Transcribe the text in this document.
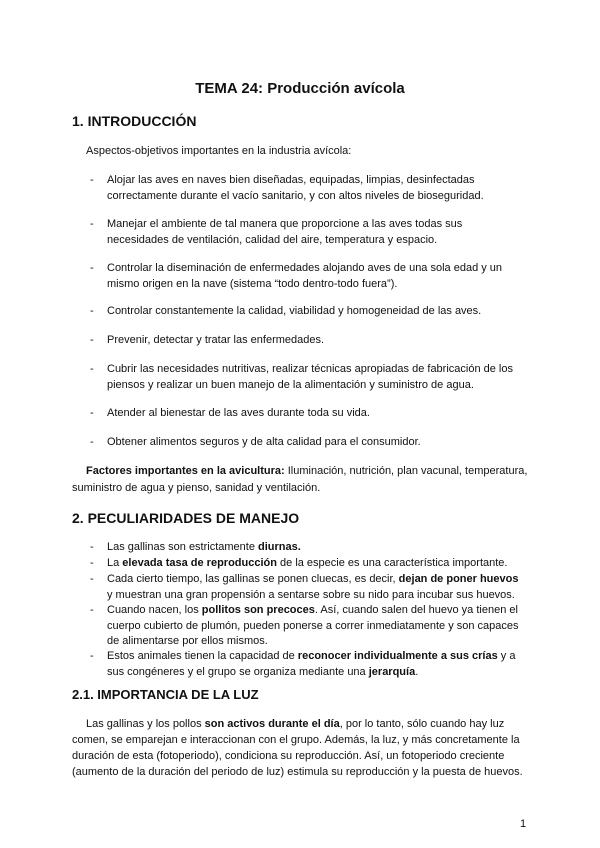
TEMA 24: Producción avícola
1. INTRODUCCIÓN
Aspectos-objetivos importantes en la industria avícola:
- Alojar las aves en naves bien diseñadas, equipadas, limpias, desinfectadas correctamente durante el vacío sanitario, y con altos niveles de bioseguridad.
- Manejar el ambiente de tal manera que proporcione a las aves todas sus necesidades de ventilación, calidad del aire, temperatura y espacio.
- Controlar la diseminación de enfermedades alojando aves de una sola edad y un mismo origen en la nave (sistema “todo dentro-todo fuera”).
- Controlar constantemente la calidad, viabilidad y homogeneidad de las aves.
- Prevenir, detectar y tratar las enfermedades.
- Cubrir las necesidades nutritivas, realizar técnicas apropiadas de fabricación de los piensos y realizar un buen manejo de la alimentación y suministro de agua.
- Atender al bienestar de las aves durante toda su vida.
- Obtener alimentos seguros y de alta calidad para el consumidor.
Factores importantes en la avicultura: Iluminación, nutrición, plan vacunal, temperatura, suministro de agua y pienso, sanidad y ventilación.
2. PECULIARIDADES DE MANEJO
- Las gallinas son estrictamente diurnas.
- La elevada tasa de reproducción de la especie es una característica importante.
- Cada cierto tiempo, las gallinas se ponen cluecas, es decir, dejan de poner huevos y muestran una gran propensión a sentarse sobre su nido para incubar sus huevos.
- Cuando nacen, los pollitos son precoces. Así, cuando salen del huevo ya tienen el cuerpo cubierto de plumón, pueden ponerse a correr inmediatamente y son capaces de alimentarse por ellos mismos.
- Estos animales tienen la capacidad de reconocer individualmente a sus crías y a sus congéneres y el grupo se organiza mediante una jerarquía.
2.1. IMPORTANCIA DE LA LUZ
Las gallinas y los pollos son activos durante el día, por lo tanto, sólo cuando hay luz comen, se emparejan e interaccionan con el grupo. Además, la luz, y más concretamente la duración de esta (fotoperiodo), condiciona su reproducción. Así, un fotoperiodo creciente (aumento de la duración del periodo de luz) estimula su reproducción y la puesta de huevos.
1
